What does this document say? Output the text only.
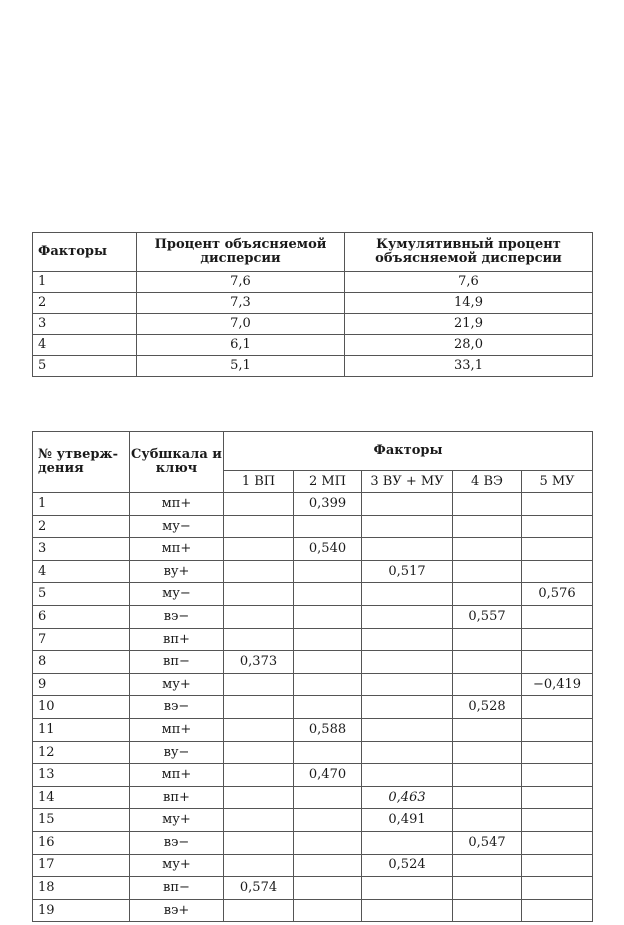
Факторы	Процент объясняемой дисперсии	Кумулятивный процент объясняемой дисперсии
1	7,6	7,6
2	7,3	14,9
3	7,0	21,9
4	6,1	28,0
5	5,1	33,1
№ утверждения	Субшкала и ключ	Факторы				
		1 ВП	2 МП	3 ВУ + МУ	4 ВЭ	5 МУ
1	мп+		0,399			
2	му−					
3	мп+		0,540			
4	ву+			0,517		
5	му−					0,576
6	вэ−				0,557	
7	вп+					
8	вп−	0,373				
9	му+					−0,419
10	вэ−				0,528	
11	мп+		0,588			
12	ву−					
13	мп+		0,470			
14	вп+			0,463		
15	му+			0,491		
16	вэ−				0,547	
17	му+			0,524		
18	вп−	0,574				
19	вэ+					
